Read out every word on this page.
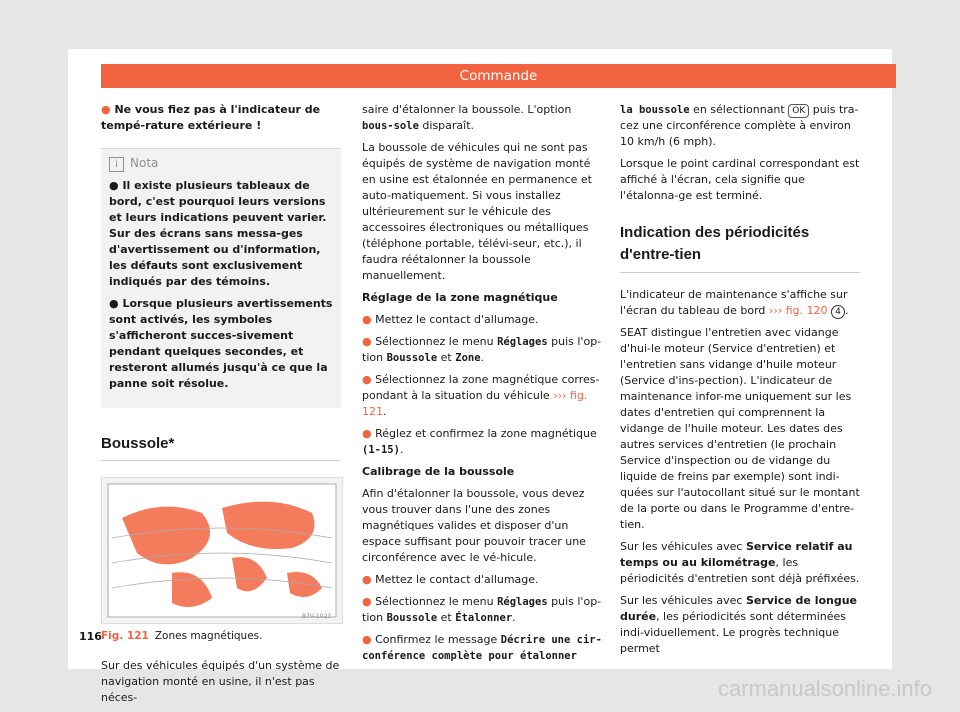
Commande

● Ne vous fiez pas à l'indicateur de tempé-rature extérieure !

i Nota

● Il existe plusieurs tableaux de bord, c'est pourquoi leurs versions et leurs indications peuvent varier. Sur des écrans sans messa-ges d'avertissement ou d'information, les défauts sont exclusivement indiqués par des témoins.

● Lorsque plusieurs avertissements sont activés, les symboles s'afficheront succes-sivement pendant quelques secondes, et resteront allumés jusqu'à ce que la panne soit résolue.

Boussole*
B7V-1023
Fig. 121 Zones magnétiques.

Sur des véhicules équipés d'un système de navigation monté en usine, il n'est pas néces-

saire d'étalonner la boussole. L'option bous-sole disparaît.

La boussole de véhicules qui ne sont pas équipés de système de navigation monté en usine est étalonnée en permanence et auto-matiquement. Si vous installez ultérieurement sur le véhicule des accessoires électroniques ou métalliques (téléphone portable, télévi-seur, etc.), il faudra réétalonner la boussole manuellement.

Réglage de la zone magnétique

● Mettez le contact d'allumage.

● Sélectionnez le menu Réglages puis l'op-tion Boussole et Zone.

● Sélectionnez la zone magnétique corres-pondant à la situation du véhicule ››› fig. 121.

● Réglez et confirmez la zone magnétique (1-15).

Calibrage de la boussole

Afin d'étalonner la boussole, vous devez vous trouver dans l'une des zones magnétiques valides et disposer d'un espace suffisant pour pouvoir tracer une circonférence avec le vé-hicule.

● Mettez le contact d'allumage.

● Sélectionnez le menu Réglages puis l'op-tion Boussole et Étalonner.

● Confirmez le message Décrire une cir-conférence complète pour étalonner

la boussole en sélectionnant OK puis tra-cez une circonférence complète à environ 10 km/h (6 mph).

Lorsque le point cardinal correspondant est affiché à l'écran, cela signifie que l'étalonna-ge est terminé.

Indication des périodicités d'entre-tien

L'indicateur de maintenance s'affiche sur l'écran du tableau de bord ››› fig. 120 4 .

SEAT distingue l'entretien avec vidange d'hui-le moteur (Service d'entretien) et l'entretien sans vidange d'huile moteur (Service d'ins-pection). L'indicateur de maintenance infor-me uniquement sur les dates d'entretien qui comprennent la vidange de l'huile moteur. Les dates des autres services d'entretien (le prochain Service d'inspection ou de vidange du liquide de freins par exemple) sont indi-quées sur l'autocollant situé sur le montant de la porte ou dans le Programme d'entre-tien.

Sur les véhicules avec Service relatif au temps ou au kilométrage, les périodicités d'entretien sont déjà préfixées.

Sur les véhicules avec Service de longue durée, les périodicités sont déterminées indi-viduellement. Le progrès technique permet

116
carmanualsonline.info
